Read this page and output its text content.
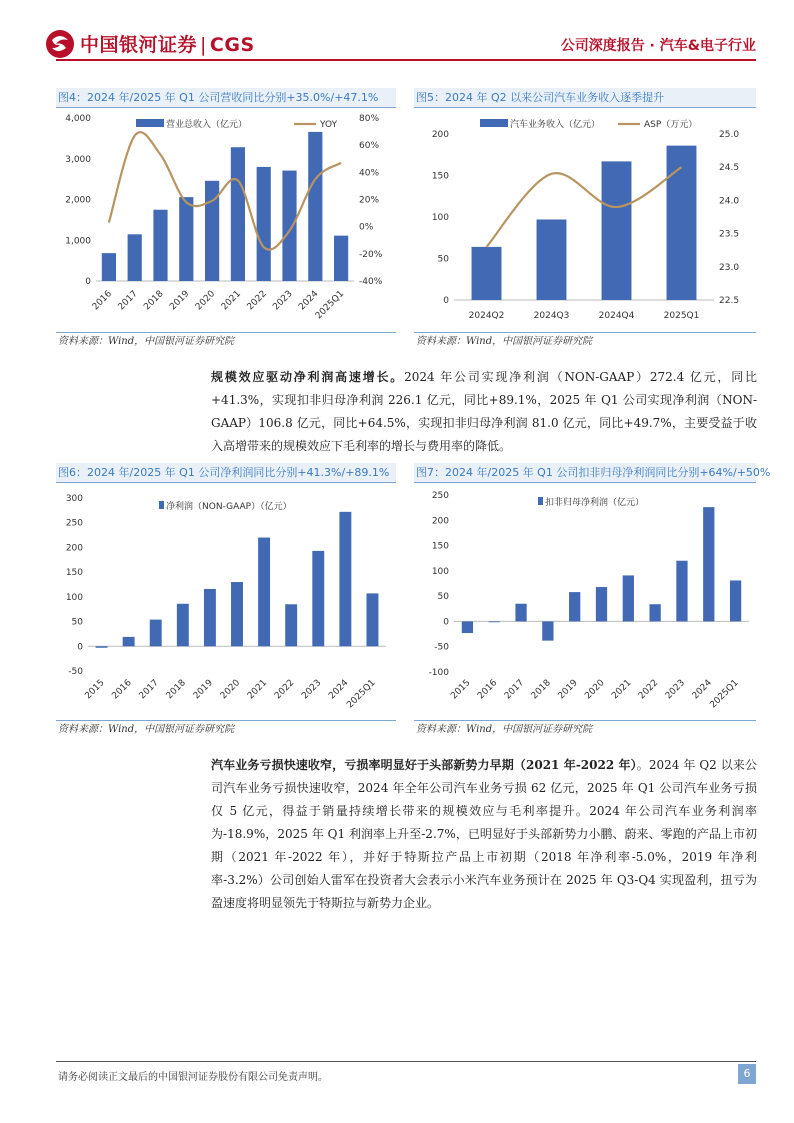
中国银河证券 | CGS	公司深度报告 · 汽车&电子行业
图4：2024 年/2025 年 Q1 公司营收同比分别+35.0%/+47.1%
0
1,000
2,000
3,000
4,000
-40%
-20%
0%
20%
40%
60%
80%
2016 2017 2018 2019 2020 2021 2022 2023 2024
2025Q1
营业总收入（亿元）	YOY
资料来源：Wind，中国银河证券研究院
图5：2024 年 Q2 以来公司汽车业务收入逐季提升
0
50
100
150
200
22.5
23.0
23.5
24.0
24.5
25.0
2024Q2	2024Q3	2024Q4	2025Q1
汽车业务收入（亿元）	ASP（万元）
资料来源：Wind，中国银河证券研究院
规模效应驱动净利润高速增长。2024 年公司实现净利润（NON-GAAP）272.4 亿元，同比+41.3%，实现扣非归母净利润 226.1 亿元，同比+89.1%，2025 年 Q1 公司实现净利润（NON-GAAP）106.8 亿元，同比+64.5%，实现扣非归母净利润 81.0 亿元，同比+49.7%，主要受益于收入高增带来的规模效应下毛利率的增长与费用率的降低。
图6：2024 年/2025 年 Q1 公司净利润同比分别+41.3%/+89.1%
-50
0
50
100
150
200
250
300
2015 2016 2017 2018 2019 2020 2021 2022 2023 2024
2025Q1
净利润（NON-GAAP）（亿元）
资料来源：Wind，中国银河证券研究院
图7：2024 年/2025 年 Q1 公司扣非归母净利润同比分别+64%/+50%
-100
-50
0
50
100
150
200
250
2015 2016 2017 2018 2019 2020 2021 2022 2023 2024
2025Q1
扣非归母净利润（亿元）
资料来源：Wind，中国银河证券研究院
汽车业务亏损快速收窄，亏损率明显好于头部新势力早期（2021 年-2022 年）。2024 年 Q2 以来公司汽车业务亏损快速收窄，2024 年全年公司汽车业务亏损 62 亿元，2025 年 Q1 公司汽车业务亏损仅 5 亿元，得益于销量持续增长带来的规模效应与毛利率提升。2024 年公司汽车业务利润率为-18.9%，2025 年 Q1 利润率上升至-2.7%，已明显好于头部新势力小鹏、蔚来、零跑的产品上市初期（2021 年-2022 年），并好于特斯拉产品上市初期（2018 年净利率-5.0%，2019 年净利率-3.2%）公司创始人雷军在投资者大会表示小米汽车业务预计在 2025 年 Q3-Q4 实现盈利，扭亏为盈速度将明显领先于特斯拉与新势力企业。
请务必阅读正文最后的中国银河证券股份有限公司免责声明。	6
